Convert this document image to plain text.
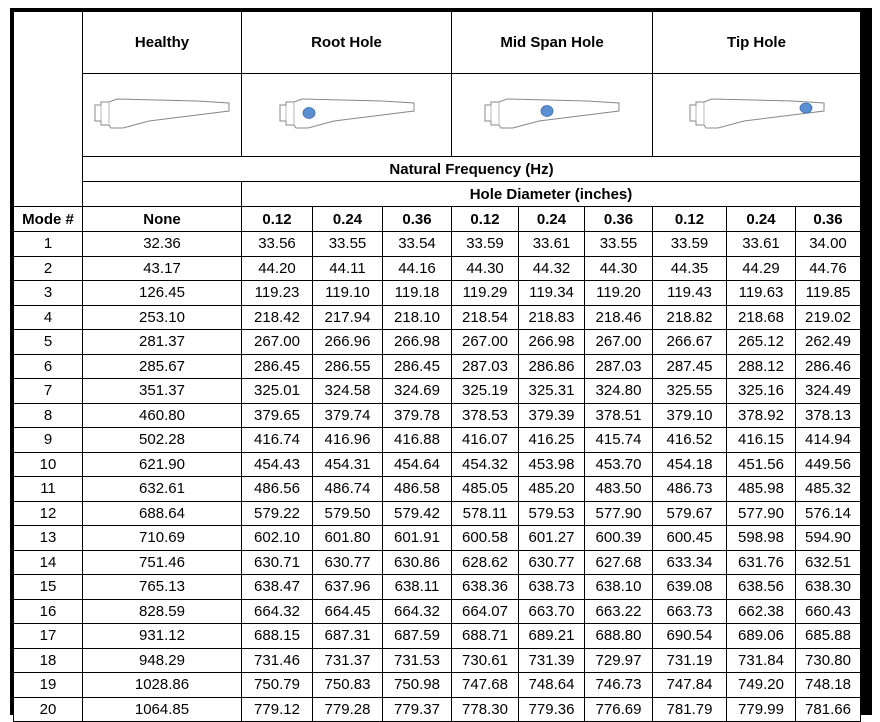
	Healthy	Root Hole			Mid Span Hole			Tip Hole		

	Natural Frequency (Hz)									
		Hole Diameter (inches)								
Mode #	None	0.12	0.24	0.36	0.12	0.24	0.36	0.12	0.24	0.36
1	32.36	33.56	33.55	33.54	33.59	33.61	33.55	33.59	33.61	34.00
2	43.17	44.20	44.11	44.16	44.30	44.32	44.30	44.35	44.29	44.76
3	126.45	119.23	119.10	119.18	119.29	119.34	119.20	119.43	119.63	119.85
4	253.10	218.42	217.94	218.10	218.54	218.83	218.46	218.82	218.68	219.02
5	281.37	267.00	266.96	266.98	267.00	266.98	267.00	266.67	265.12	262.49
6	285.67	286.45	286.55	286.45	287.03	286.86	287.03	287.45	288.12	286.46
7	351.37	325.01	324.58	324.69	325.19	325.31	324.80	325.55	325.16	324.49
8	460.80	379.65	379.74	379.78	378.53	379.39	378.51	379.10	378.92	378.13
9	502.28	416.74	416.96	416.88	416.07	416.25	415.74	416.52	416.15	414.94
10	621.90	454.43	454.31	454.64	454.32	453.98	453.70	454.18	451.56	449.56
11	632.61	486.56	486.74	486.58	485.05	485.20	483.50	486.73	485.98	485.32
12	688.64	579.22	579.50	579.42	578.11	579.53	577.90	579.67	577.90	576.14
13	710.69	602.10	601.80	601.91	600.58	601.27	600.39	600.45	598.98	594.90
14	751.46	630.71	630.77	630.86	628.62	630.77	627.68	633.34	631.76	632.51
15	765.13	638.47	637.96	638.11	638.36	638.73	638.10	639.08	638.56	638.30
16	828.59	664.32	664.45	664.32	664.07	663.70	663.22	663.73	662.38	660.43
17	931.12	688.15	687.31	687.59	688.71	689.21	688.80	690.54	689.06	685.88
18	948.29	731.46	731.37	731.53	730.61	731.39	729.97	731.19	731.84	730.80
19	1028.86	750.79	750.83	750.98	747.68	748.64	746.73	747.84	749.20	748.18
20	1064.85	779.12	779.28	779.37	778.30	779.36	776.69	781.79	779.99	781.66
